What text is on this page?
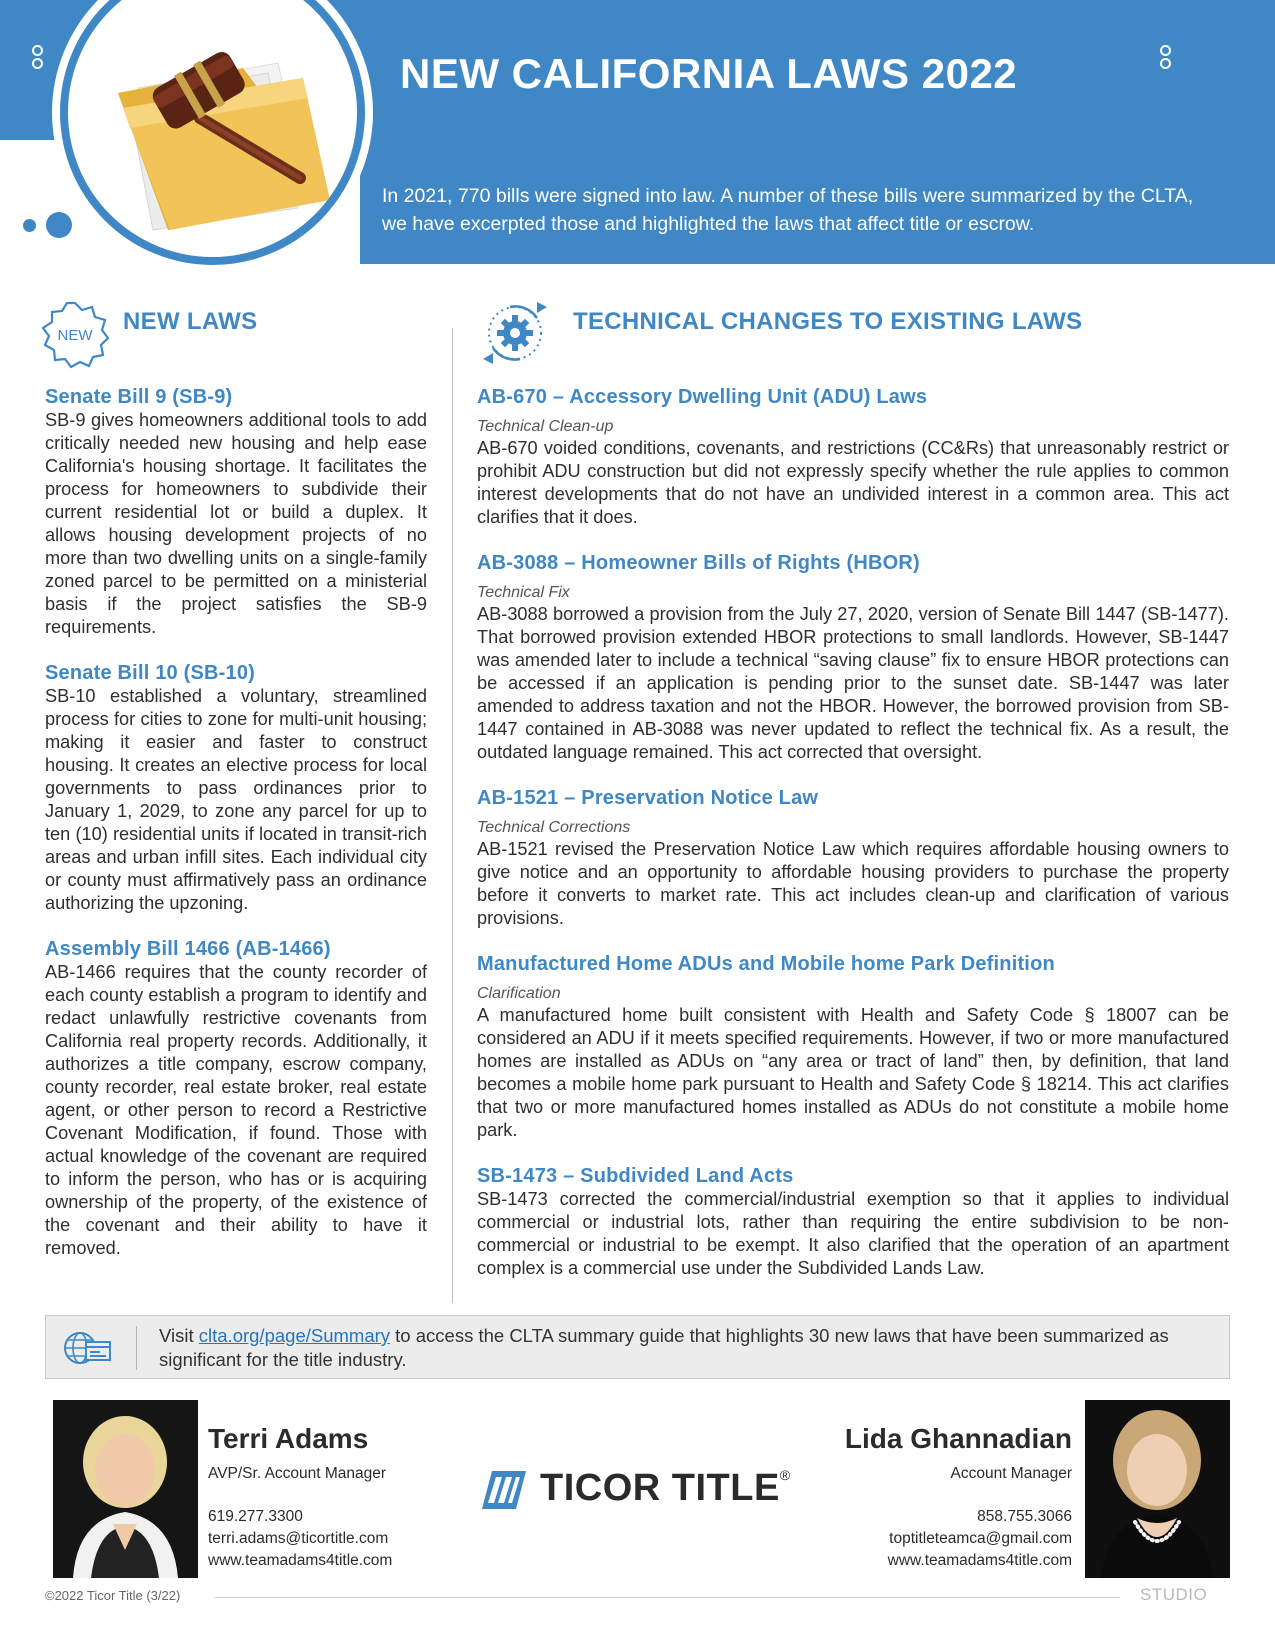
NEW CALIFORNIA LAWS 2022
In 2021, 770 bills were signed into law. A number of these bills were summarized by the CLTA, we have excerpted those and highlighted the laws that affect title or escrow.
NEW
NEW LAWS	TECHNICAL CHANGES TO EXISTING LAWS
Senate Bill 9 (SB-9)
SB-9 gives homeowners additional tools to add critically needed new housing and help ease California's housing shortage. It facilitates the process for homeowners to subdivide their current residential lot or build a duplex. It allows housing development projects of no more than two dwelling units on a single-family zoned parcel to be permitted on a ministerial basis if the project satisfies the SB-9 requirements.
Senate Bill 10 (SB-10)
SB-10 established a voluntary, streamlined process for cities to zone for multi-unit housing; making it easier and faster to construct housing. It creates an elective process for local governments to pass ordinances prior to January 1, 2029, to zone any parcel for up to ten (10) residential units if located in transit-rich areas and urban infill sites. Each individual city or county must affirmatively pass an ordinance authorizing the upzoning.
Assembly Bill 1466 (AB-1466)
AB-1466 requires that the county recorder of each county establish a program to identify and redact unlawfully restrictive covenants from California real property records. Additionally, it authorizes a title company, escrow company, county recorder, real estate broker, real estate agent, or other person to record a Restrictive Covenant Modification, if found. Those with actual knowledge of the covenant are required to inform the person, who has or is acquiring ownership of the property, of the existence of the covenant and their ability to have it removed.
AB-670 – Accessory Dwelling Unit (ADU) Laws
Technical Clean-up
AB-670 voided conditions, covenants, and restrictions (CC&Rs) that unreasonably restrict or prohibit ADU construction but did not expressly specify whether the rule applies to common interest developments that do not have an undivided interest in a common area. This act clarifies that it does.
AB-3088 – Homeowner Bills of Rights (HBOR)
Technical Fix
AB-3088 borrowed a provision from the July 27, 2020, version of Senate Bill 1447 (SB-1477). That borrowed provision extended HBOR protections to small landlords. However, SB-1447 was amended later to include a technical “saving clause” fix to ensure HBOR protections can be accessed if an application is pending prior to the sunset date. SB-1447 was later amended to address taxation and not the HBOR. However, the borrowed provision from SB-1447 contained in AB-3088 was never updated to reflect the technical fix. As a result, the outdated language remained. This act corrected that oversight.
AB-1521 – Preservation Notice Law
Technical Corrections
AB-1521 revised the Preservation Notice Law which requires affordable housing owners to give notice and an opportunity to affordable housing providers to purchase the property before it converts to market rate. This act includes clean-up and clarification of various provisions.
Manufactured Home ADUs and Mobile home Park Definition
Clarification
A manufactured home built consistent with Health and Safety Code § 18007 can be considered an ADU if it meets specified requirements. However, if two or more manufactured homes are installed as ADUs on “any area or tract of land” then, by definition, that land becomes a mobile home park pursuant to Health and Safety Code § 18214. This act clarifies that two or more manufactured homes installed as ADUs do not constitute a mobile home park.
SB-1473 – Subdivided Land Acts
SB-1473 corrected the commercial/industrial exemption so that it applies to individual commercial or industrial lots, rather than requiring the entire subdivision to be non-commercial or industrial to be exempt. It also clarified that the operation of an apartment complex is a commercial use under the Subdivided Lands Law.
Visit clta.org/page/Summary to access the CLTA summary guide that highlights 30 new laws that have been summarized as significant for the title industry.
Terri Adams
AVP/Sr. Account Manager
619.277.3300
terri.adams@ticortitle.com
www.teamadams4title.com
TICOR TITLE®
Lida Ghannadian
Account Manager
858.755.3066
toptitleteamca@gmail.com
www.teamadams4title.com
©2022 Ticor Title (3/22)	STUDIO
